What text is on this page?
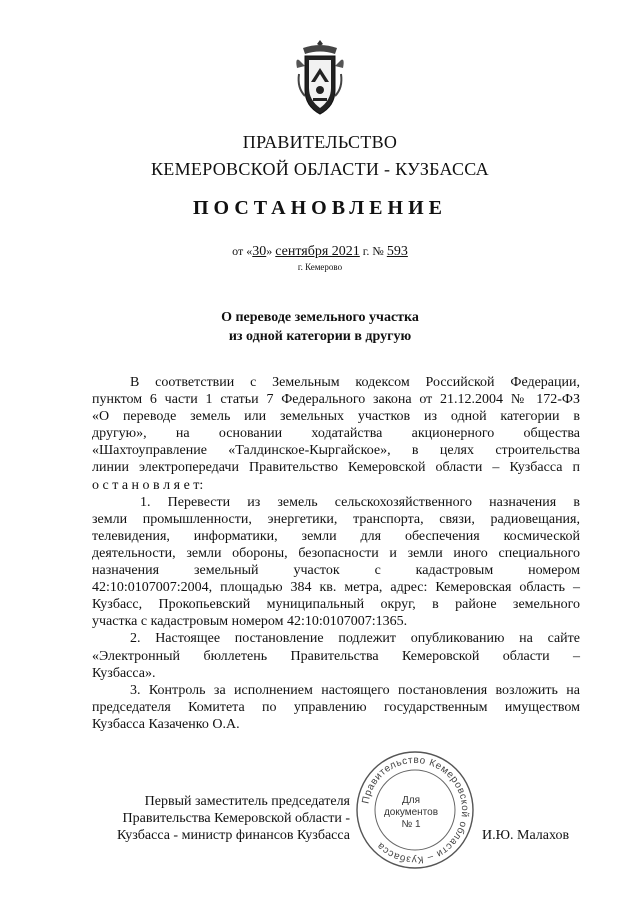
ПРАВИТЕЛЬСТВО
КЕМЕРОВСКОЙ ОБЛАСТИ - КУЗБАССА
ПОСТАНОВЛЕНИЕ
от «30» сентября 2021 г. № 593
г. Кемерово
О переводе земельного участка
из одной категории в другую

В соответствии с Земельным кодексом Российской Федерации,

пунктом 6 части 1 статьи 7 Федерального закона от 21.12.2004 № 172-ФЗ

«О переводе земель или земельных участков из одной категории в

другую», на основании ходатайства акционерного общества

«Шахтоуправление «Талдинское-Кыргайское», в целях строительства

линии электропередачи Правительство Кемеровской области – Кузбасса п

о с т а н о в л я е т:

1. Перевести из земель сельскохозяйственного назначения в

земли промышленности, энергетики, транспорта, связи, радиовещания,

телевидения, информатики, земли для обеспечения космической

деятельности, земли обороны, безопасности и земли иного специального

назначения земельный участок с кадастровым номером

42:10:0107007:2004, площадью 384 кв. метра, адрес: Кемеровская область –

Кузбасс, Прокопьевский муниципальный округ, в районе земельного

участка с кадастровым номером 42:10:0107007:1365.

2. Настоящее постановление подлежит опубликованию на сайте

«Электронный бюллетень Правительства Кемеровской области –

Кузбасса».

3. Контроль за исполнением настоящего постановления возложить на

председателя Комитета по управлению государственным имуществом

Кузбасса Казаченко О.А.

Первый заместитель председателя
Правительства Кемеровской области -
Кузбасса - министр финансов Кузбасса	И.Ю. Малахов
Правительство Кемеровской области – Кузбасса
Для
документов
№ 1
